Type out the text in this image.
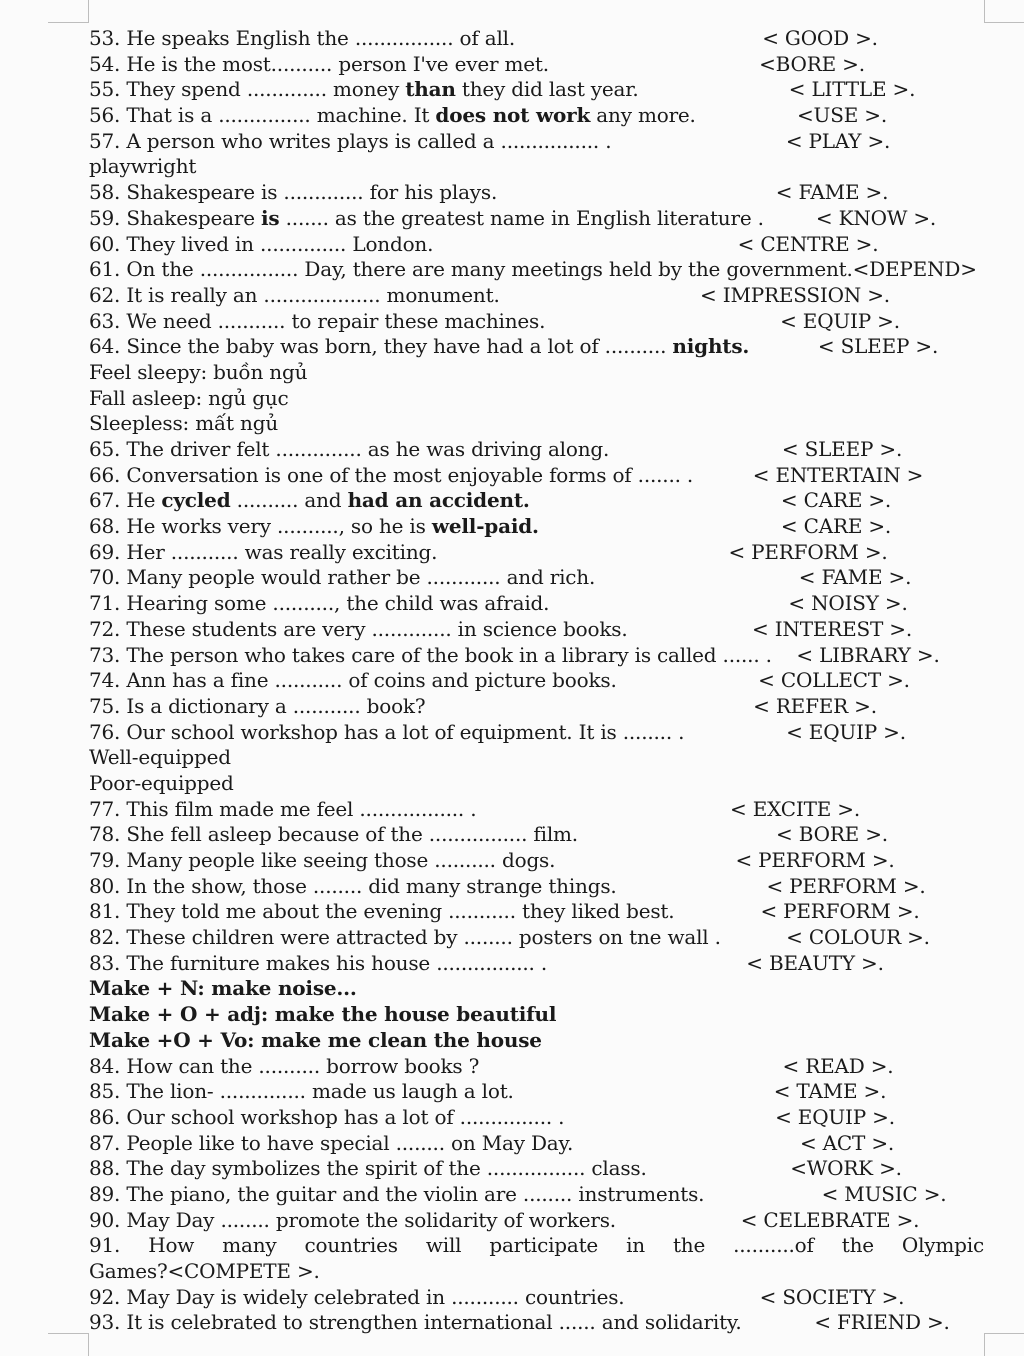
53. He speaks English the ................ of all.	< GOOD >.
54. He is the most.......... person I've ever met.	<BORE >.
55. They spend ............. money than they did last year.	< LITTLE >.
56. That is a ............... machine. It does not work any more.	<USE >.
57. A person who writes plays is called a ................ .	< PLAY >.
playwright
58. Shakespeare is ............. for his plays.	< FAME >.
59. Shakespeare is ....... as the greatest name in English literature .	< KNOW >.
60. They lived in .............. London.	< CENTRE >.
61. On the ................ Day, there are many meetings held by the government.<DEPEND>
62. It is really an ................... monument.	< IMPRESSION >.
63. We need ........... to repair these machines.	< EQUIP >.
64. Since the baby was born, they have had a lot of .......... nights.	< SLEEP >.
Feel sleepy: buồn ngủ
Fall asleep: ngủ gục
Sleepless: mất ngủ
65. The driver felt .............. as he was driving along.	< SLEEP >.
66. Conversation is one of the most enjoyable forms of ....... .	< ENTERTAIN >
67. He cycled .......... and had an accident.	< CARE >.
68. He works very .........., so he is well-paid.	< CARE >.
69. Her ........... was really exciting.	< PERFORM >.
70. Many people would rather be ............ and rich.	< FAME >.
71. Hearing some .........., the child was afraid.	< NOISY >.
72. These students are very ............. in science books.	< INTEREST >.
73. The person who takes care of the book in a library is called ...... . < LIBRARY >.
74. Ann has a fine ........... of coins and picture books.	< COLLECT >.
75. Is a dictionary a ........... book?	< REFER >.
76. Our school workshop has a lot of equipment. It is ........ .	< EQUIP >.
Well-equipped
Poor-equipped
77. This film made me feel ................. .	< EXCITE >.
78. She fell asleep because of the ................ film.	< BORE >.
79. Many people like seeing those .......... dogs.	< PERFORM >.
80. In the show, those ........ did many strange things.	< PERFORM >.
81. They told me about the evening ........... they liked best.	< PERFORM >.
82. These children were attracted by ........ posters on tne wall .	< COLOUR >.
83. The furniture makes his house ................ .	< BEAUTY >.
Make + N: make noise...
Make + O + adj: make the house beautiful
Make +O + Vo: make me clean the house
84. How can the .......... borrow books ?	< READ >.
85. The lion- .............. made us laugh a lot.	< TAME >.
86. Our school workshop has a lot of ............... .	< EQUIP >.
87. People like to have special ........ on May Day.	< ACT >.
88. The day symbolizes the spirit of the ................ class.	<WORK >.
89. The piano, the guitar and the violin are ........ instruments.	< MUSIC >.
90. May Day ........ promote the solidarity of workers.	< CELEBRATE >.
91. How many countries will participate in the ..........of the Olympic
Games?<COMPETE >.
92. May Day is widely celebrated in ........... countries.	< SOCIETY >.
93. It is celebrated to strengthen international ...... and solidarity.	< FRIEND >.
